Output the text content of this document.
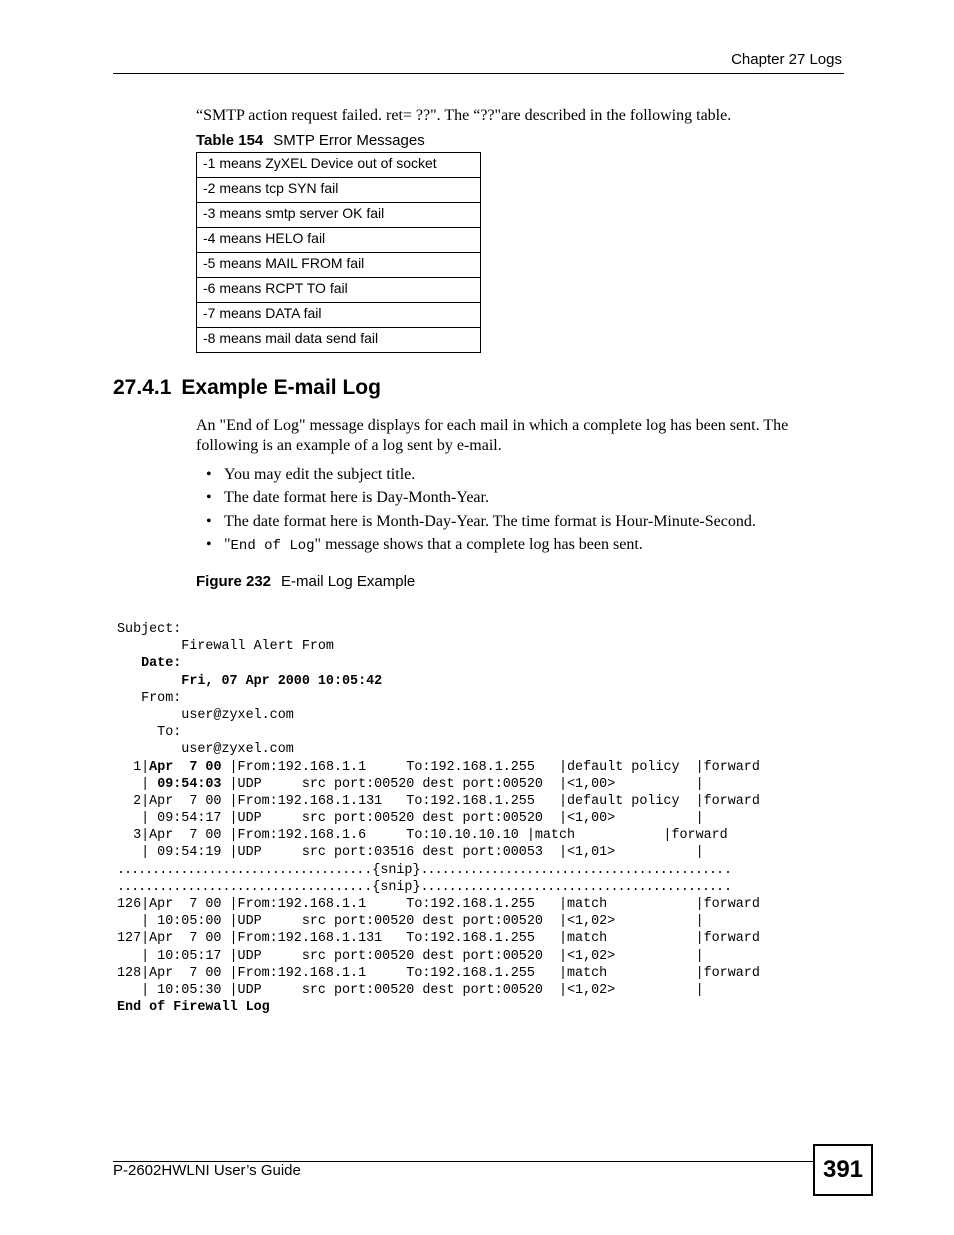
Chapter 27 Logs
“SMTP action request failed. ret= ??". The “??"are described in the following table.
Table 154 SMTP Error Messages
-1 means ZyXEL Device out of socket
-2 means tcp SYN fail
-3 means smtp server OK fail
-4 means HELO fail
-5 means MAIL FROM fail
-6 means RCPT TO fail
-7 means DATA fail
-8 means mail data send fail
27.4.1 Example E-mail Log

An "End of Log" message displays for each mail in which a complete log has been sent. The following is an example of a log sent by e-mail.

• You may edit the subject title.
• The date format here is Day-Month-Year.
• The date format here is Month-Day-Year. The time format is Hour-Minute-Second.
• "End of Log" message shows that a complete log has been sent.
Figure 232 E-mail Log Example
Subject:
Firewall Alert From
Date:
Fri, 07 Apr 2000 10:05:42
From:
user@zyxel.com
To:
user@zyxel.com
1|Apr  7 00 |From:192.168.1.1     To:192.168.1.255   |default policy  |forward
| 09:54:03 |UDP     src port:00520 dest port:00520  |<1,00>          |
2|Apr  7 00 |From:192.168.1.131   To:192.168.1.255   |default policy  |forward
| 09:54:17 |UDP     src port:00520 dest port:00520  |<1,00>          |
3|Apr  7 00 |From:192.168.1.6     To:10.10.10.10 |match           |forward
| 09:54:19 |UDP     src port:03516 dest port:00053  |<1,01>          |
....................................{snip}............................................
....................................{snip}............................................
126|Apr  7 00 |From:192.168.1.1     To:192.168.1.255   |match           |forward
| 10:05:00 |UDP     src port:00520 dest port:00520  |<1,02>          |
127|Apr  7 00 |From:192.168.1.131   To:192.168.1.255   |match           |forward
| 10:05:17 |UDP     src port:00520 dest port:00520  |<1,02>          |
128|Apr  7 00 |From:192.168.1.1     To:192.168.1.255   |match           |forward
| 10:05:30 |UDP     src port:00520 dest port:00520  |<1,02>          |
End of Firewall Log
P-2602HWLNI User’s Guide	391
